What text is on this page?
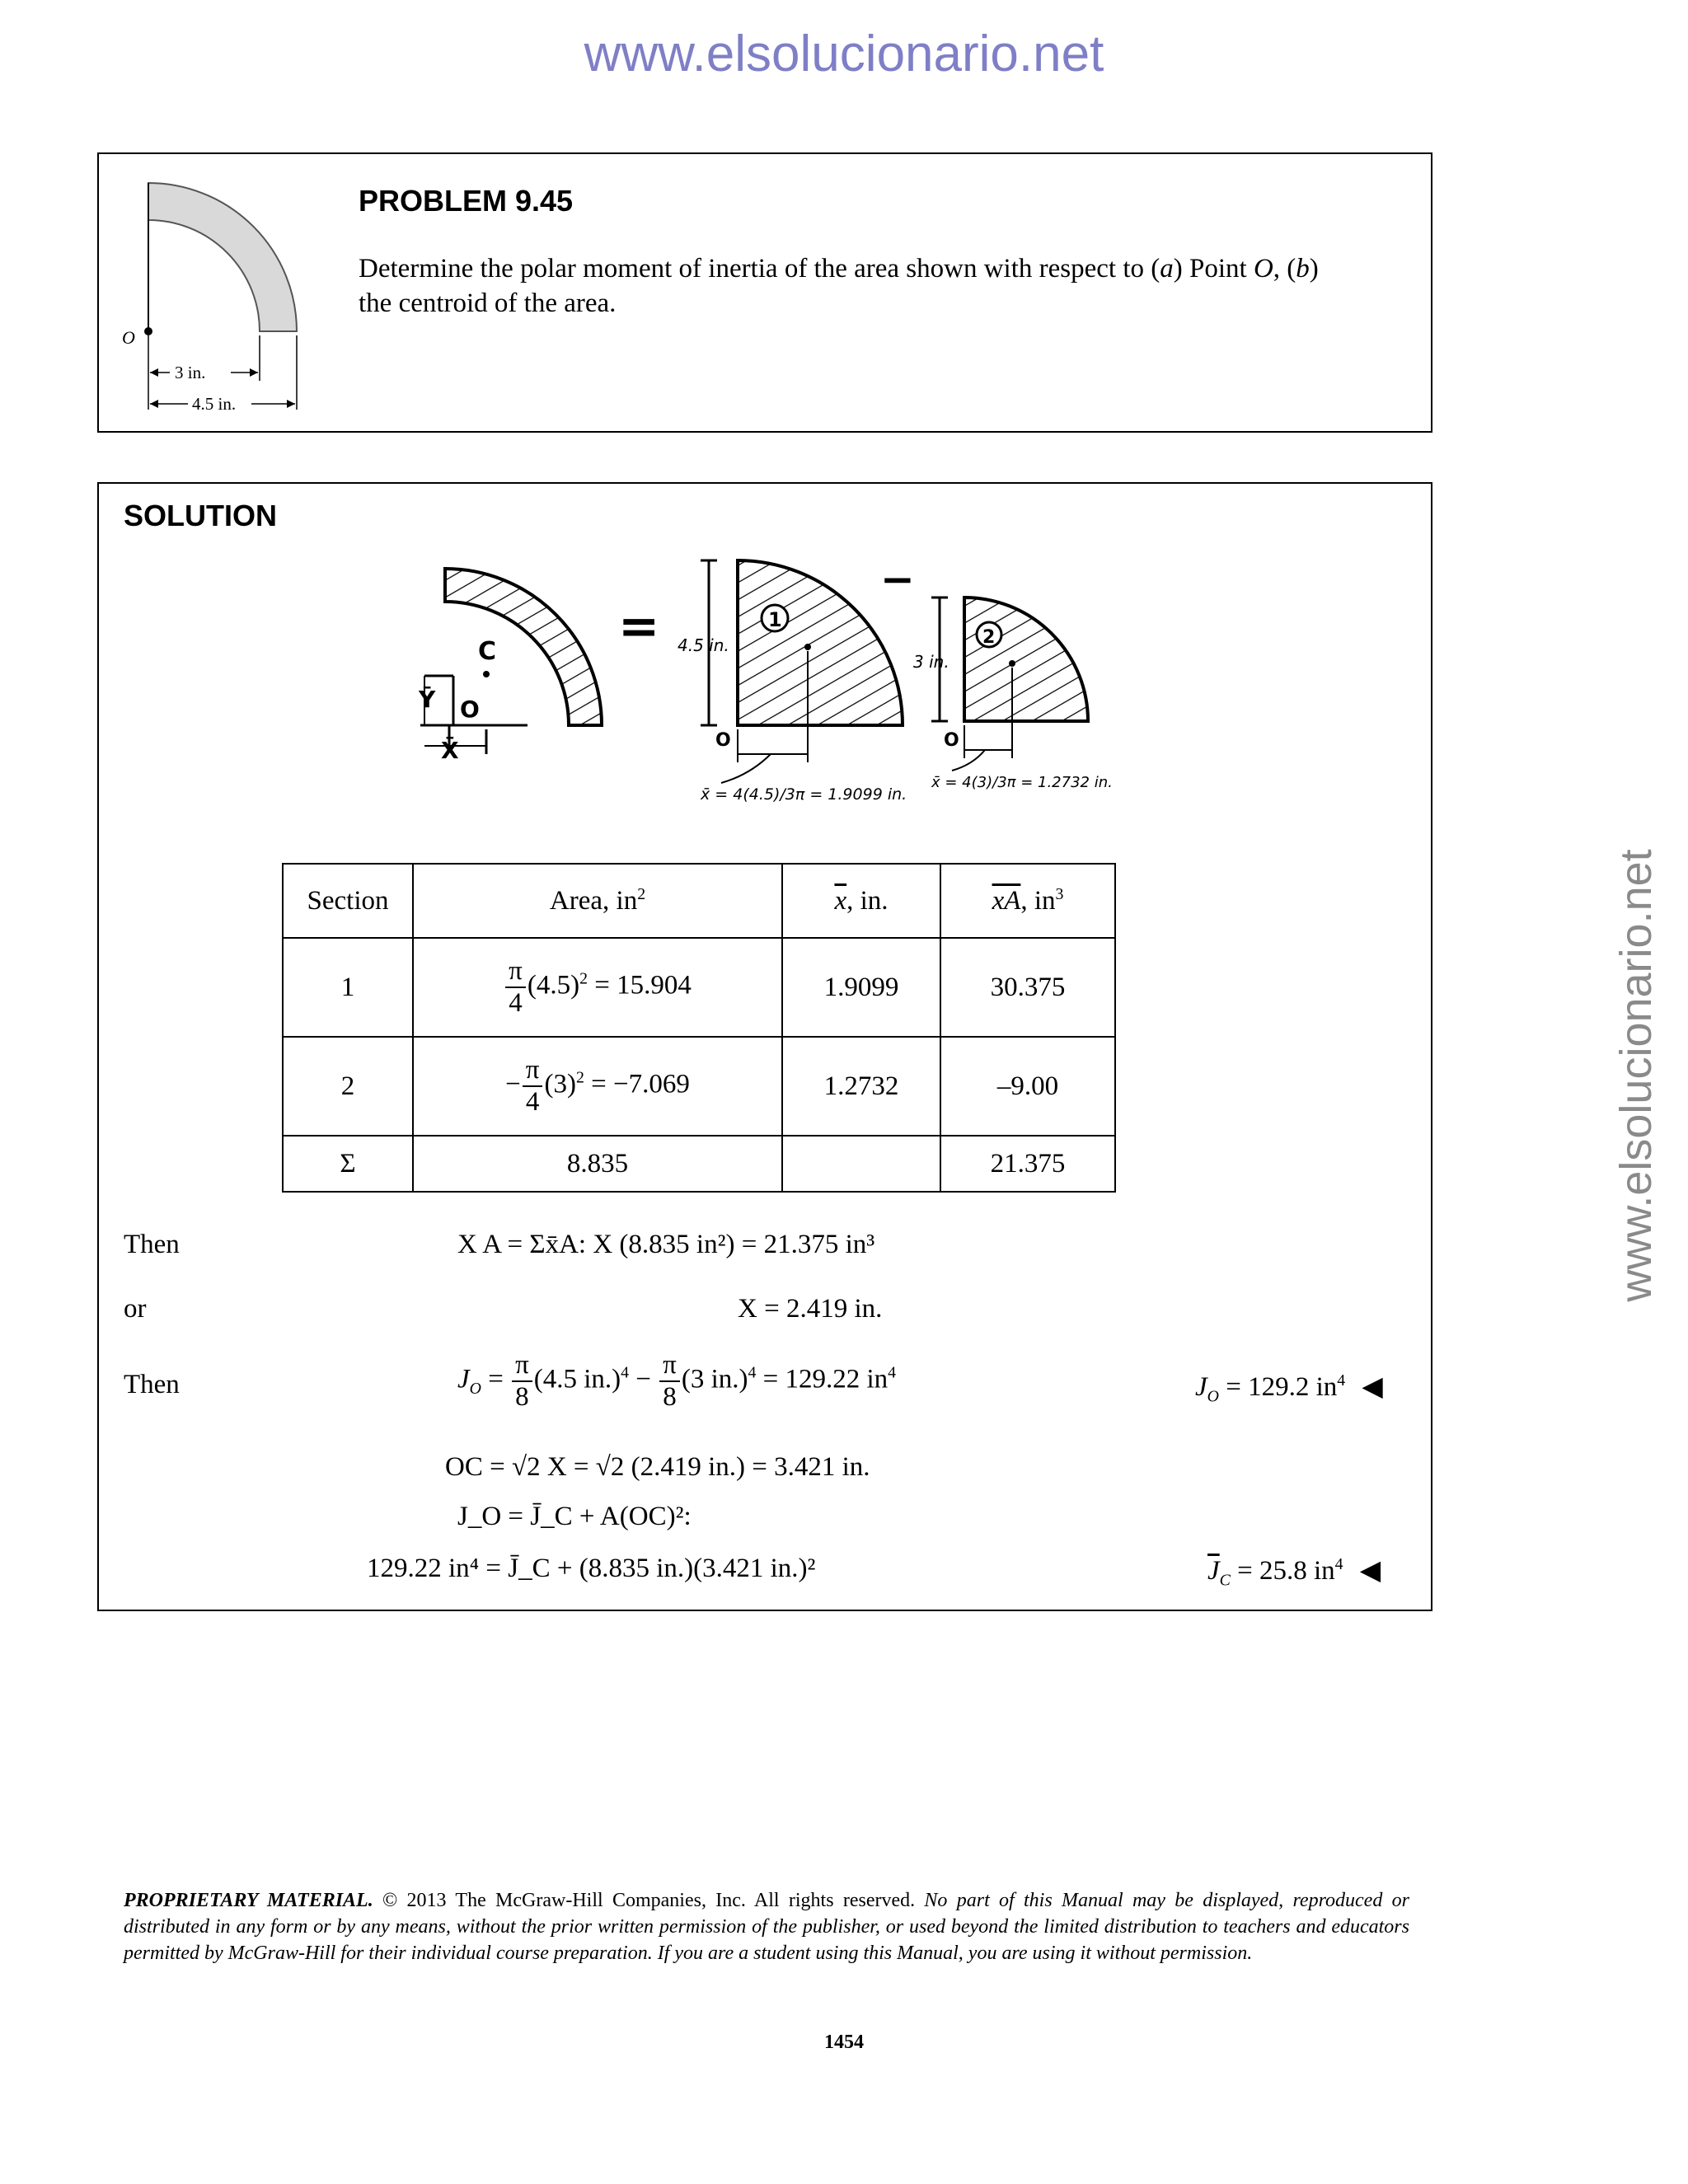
www.elsolucionario.net
www.elsolucionario.net
O
3 in.
4.5 in.
PROBLEM 9.45
Determine the polar moment of inertia of the area shown with respect to (a) Point O, (b)
the centroid of the area.
SOLUTION
C
O
Ȳ
X̄
=	1
4.5 in.
O
x̄ = 4(4.5)/3π = 1.9099 in.
−
2
3 in.
O
x̄ = 4(3)/3π = 1.2732 in.
Section	Area, $in^2$	$\overline{x}$, in.	$\overline{xA}$, $in^3$
1	$\frac{\pi}{4} (4.5)^2 = 15.904$	1.9099	30.375
2	− $\frac{\pi}{4} (3)^2 = -7.069$	1.2732	–9.00
Σ	8.835		21.375
Then	X A = Σx̄A: X (8.835 in²) = 21.375 in³
or	X = 2.419 in.
Then	$J_O = \frac{\pi}{8} (4.5$ $in.)^4 - \frac{\pi}{8} (3$ in.)$^4$ = 129.22 $in^4$	$J_O = 129.2$ $in^4$ ◀
OC = √2 X = √2 (2.419 in.) = 3.421 in.
J_O = J̄_C + A(OC)²:
129.22 in⁴ = J̄_C + (8.835 in.)(3.421 in.)²	$\overline{J}_C = 25.8$ $in^4$ ◀
PROPRIETARY MATERIAL. © 2013 The McGraw-Hill Companies, Inc. All rights reserved. No part of this Manual may be displayed, reproduced or distributed in any form or by any means, without the prior written permission of the publisher, or used beyond the limited distribution to teachers and educators permitted by McGraw-Hill for their individual course preparation. If you are a student using this Manual, you are using it without permission.
1454
